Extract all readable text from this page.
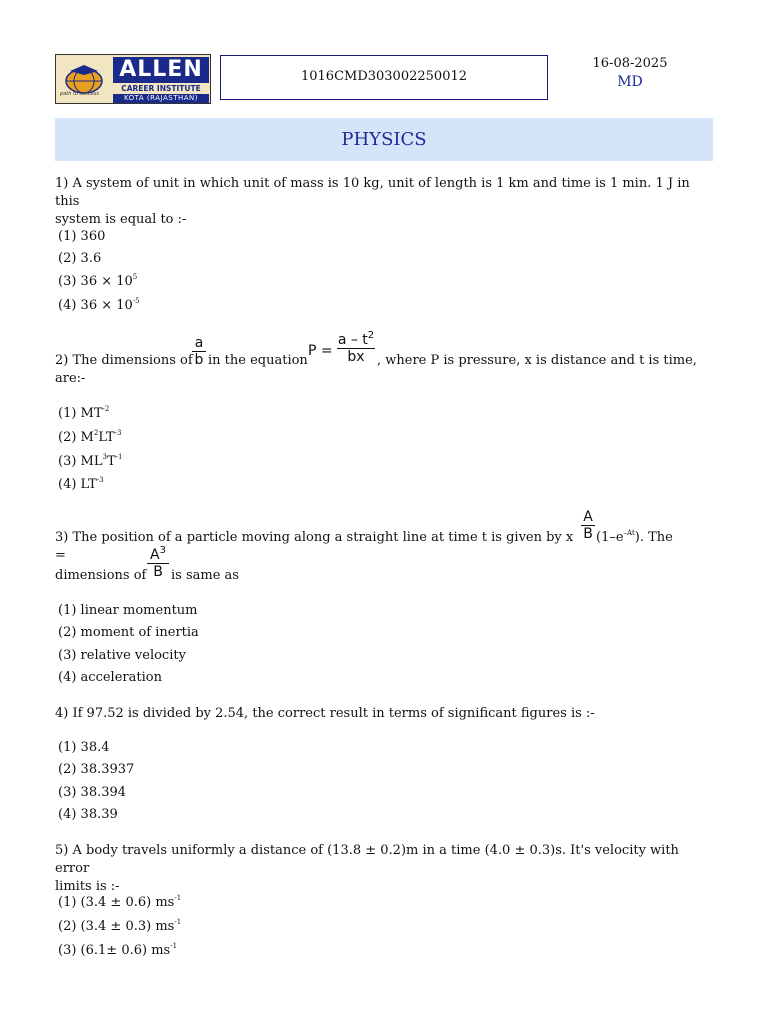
path to success
ALLEN
CAREER INSTITUTE
KOTA (RAJASTHAN)
1016CMD303002250012
16-08-2025
MD
PHYSICS
1) A system of unit in which unit of mass is 10 kg, unit of length is 1 km and time is 1 min. 1 J in this
system is equal to :-
(1) 360
(2) 3.6
(3) $36 \times 10^5$
(4) $36 \times 10^{-5}$
2) The dimensions of
a
b in the equation
P =
a – $t^2$
bx , where P is pressure, x is distance and t is time,
are:-
(1) $MT^{-2}$
(2) $M^2LT^{-3}$
(3) $ML^3T^{-1}$
(4) $LT^{-3}$
3) The position of a particle moving along a straight line at time t is given by x =
A
B $(1-e^{-At})$. The
dimensions of
$A^3$
B is same as
(1) linear momentum
(2) moment of inertia
(3) relative velocity
(4) acceleration
4) If 97.52 is divided by 2.54, the correct result in terms of significant figures is :-
(1) 38.4
(2) 38.3937
(3) 38.394
(4) 38.39
5) A body travels uniformly a distance of (13.8 ± 0.2)m in a time (4.0 ± 0.3)s. It's velocity with error
limits is :-
(1) (3.4 ± 0.6) $ms^{-1}$
(2) (3.4 ± 0.3) $ms^{-1}$
(3) (6.1± 0.6) $ms^{-1}$
